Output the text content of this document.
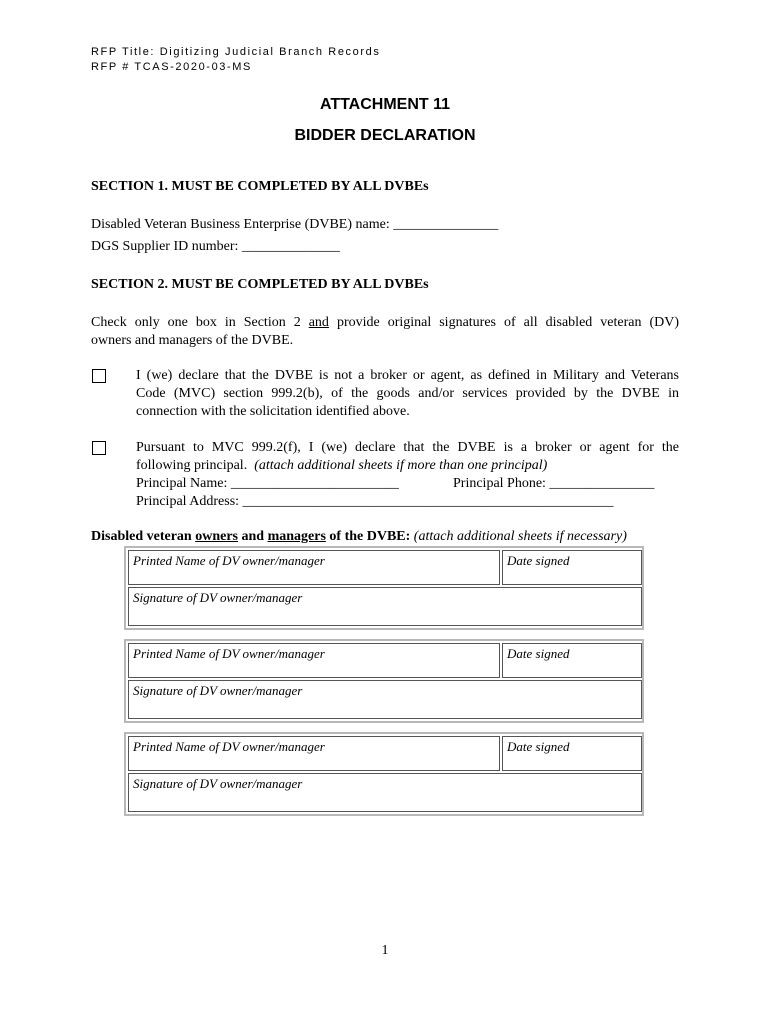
RFP Title: Digitizing Judicial Branch Records
RFP # TCAS-2020-03-MS
ATTACHMENT 11
BIDDER DECLARATION
SECTION 1. MUST BE COMPLETED BY ALL DVBEs
Disabled Veteran Business Enterprise (DVBE) name: _______________
DGS Supplier ID number: ______________
SECTION 2. MUST BE COMPLETED BY ALL DVBEs
Check only one box in Section 2 and provide original signatures of all disabled veteran (DV)
owners and managers of the DVBE.
I (we) declare that the DVBE is not a broker or agent, as defined in Military and Veterans
Code (MVC) section 999.2(b), of the goods and/or services provided by the DVBE in
connection with the solicitation identified above.
Pursuant to MVC 999.2(f), I (we) declare that the DVBE is a broker or agent for the
following principal. (attach additional sheets if more than one principal)
Principal Name: ________________________	Principal Phone: _______________
Principal Address: _____________________________________________________
Disabled veteran owners and managers of the DVBE: (attach additional sheets if necessary)
Printed Name of DV owner/manager	Date signed
Signature of DV owner/manager
Printed Name of DV owner/manager	Date signed
Signature of DV owner/manager
Printed Name of DV owner/manager	Date signed
Signature of DV owner/manager
1
